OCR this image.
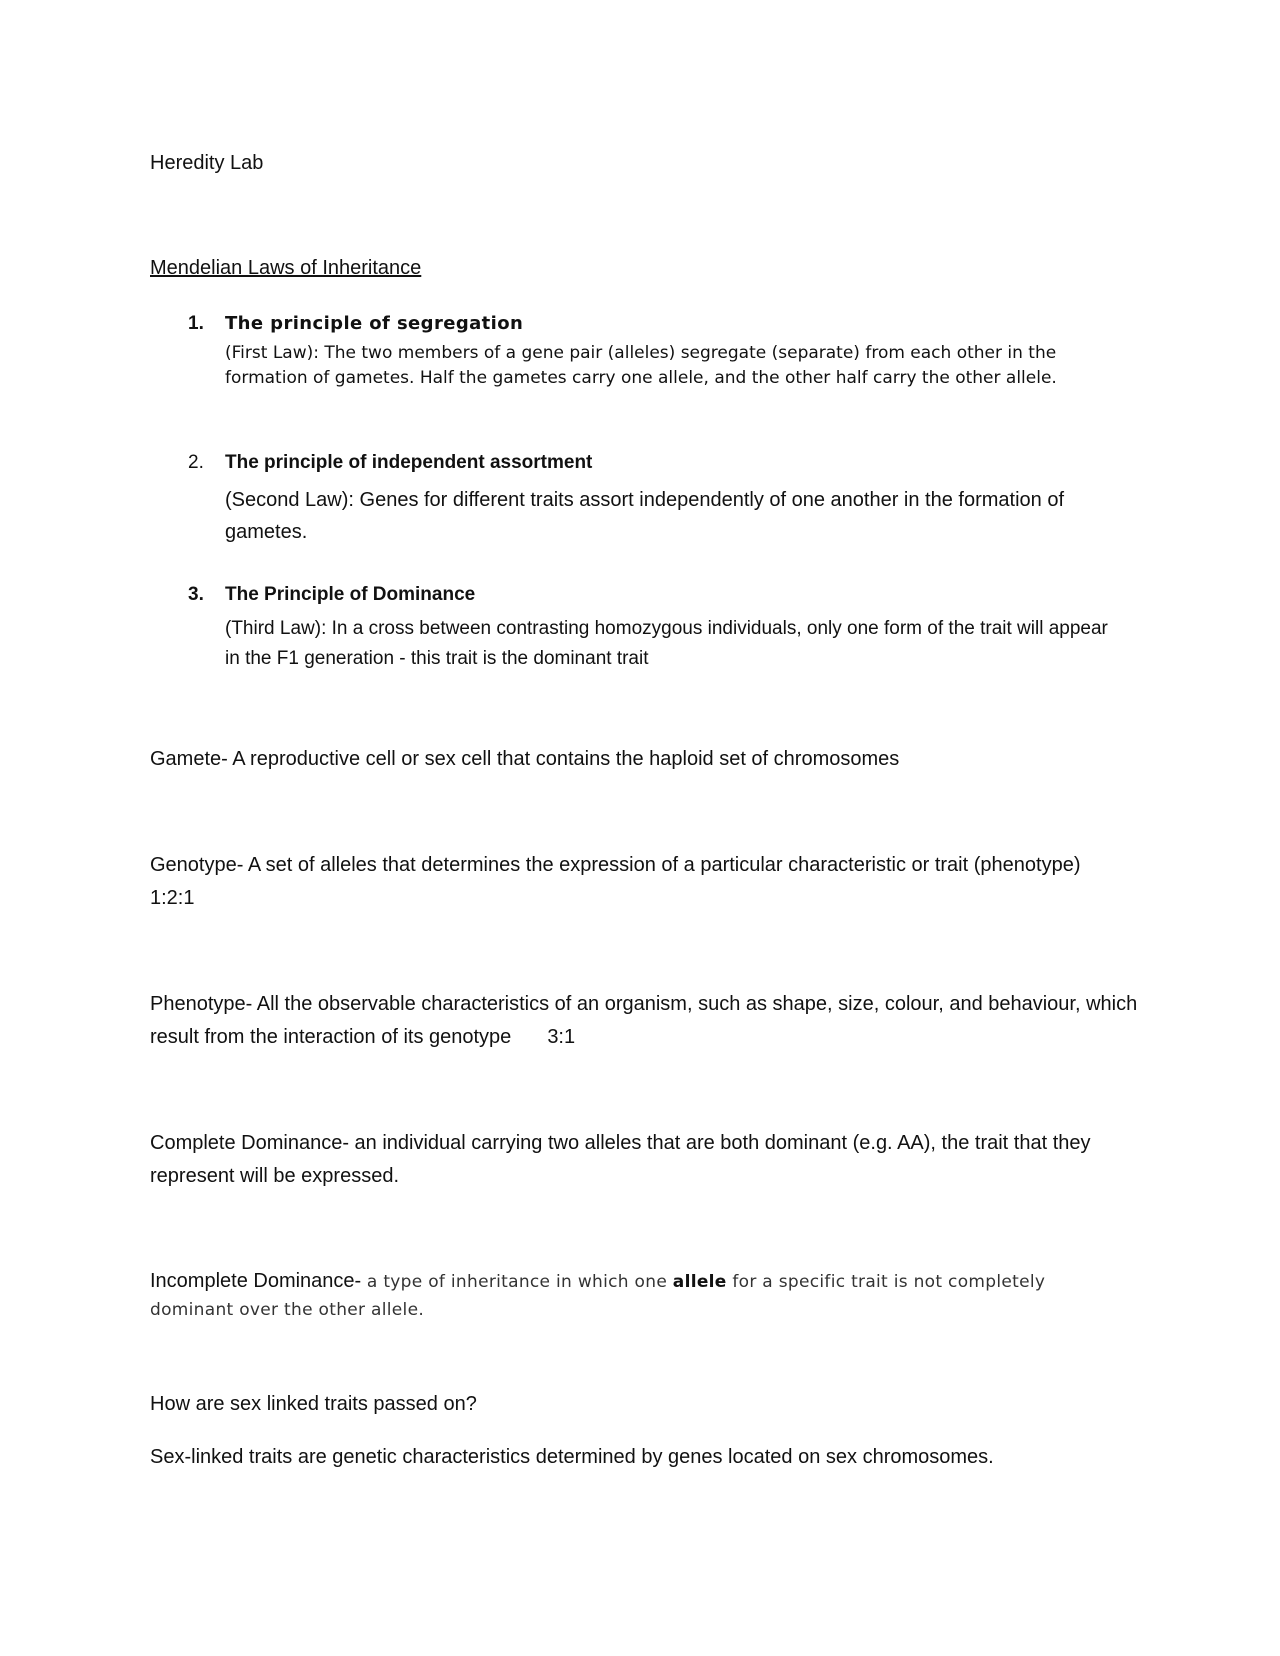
Heredity Lab

Mendelian Laws of Inheritance

1. The principle of segregation

(First Law): The two members of a gene pair (alleles) segregate (separate) from each other in the formation of gametes. Half the gametes carry one allele, and the other half carry the other allele.

2. The principle of independent assortment

(Second Law): Genes for different traits assort independently of one another in the formation of gametes.

3. The Principle of Dominance

(Third Law): In a cross between contrasting homozygous individuals, only one form of the trait will appear in the F1 generation - this trait is the dominant trait

Gamete- A reproductive cell or sex cell that contains the haploid set of chromosomes

Genotype- A set of alleles that determines the expression of a particular characteristic or trait (phenotype)1:2:1

Phenotype- All the observable characteristics of an organism, such as shape, size, colour, and behaviour, which result from the interaction of its genotype 3:1

Complete Dominance- an individual carrying two alleles that are both dominant (e.g. AA), the trait that they represent will be expressed.

Incomplete Dominance- a type of inheritance in which one allele for a specific trait is not completely
dominant over the other allele.

How are sex linked traits passed on?

Sex-linked traits are genetic characteristics determined by genes located on sex chromosomes.
